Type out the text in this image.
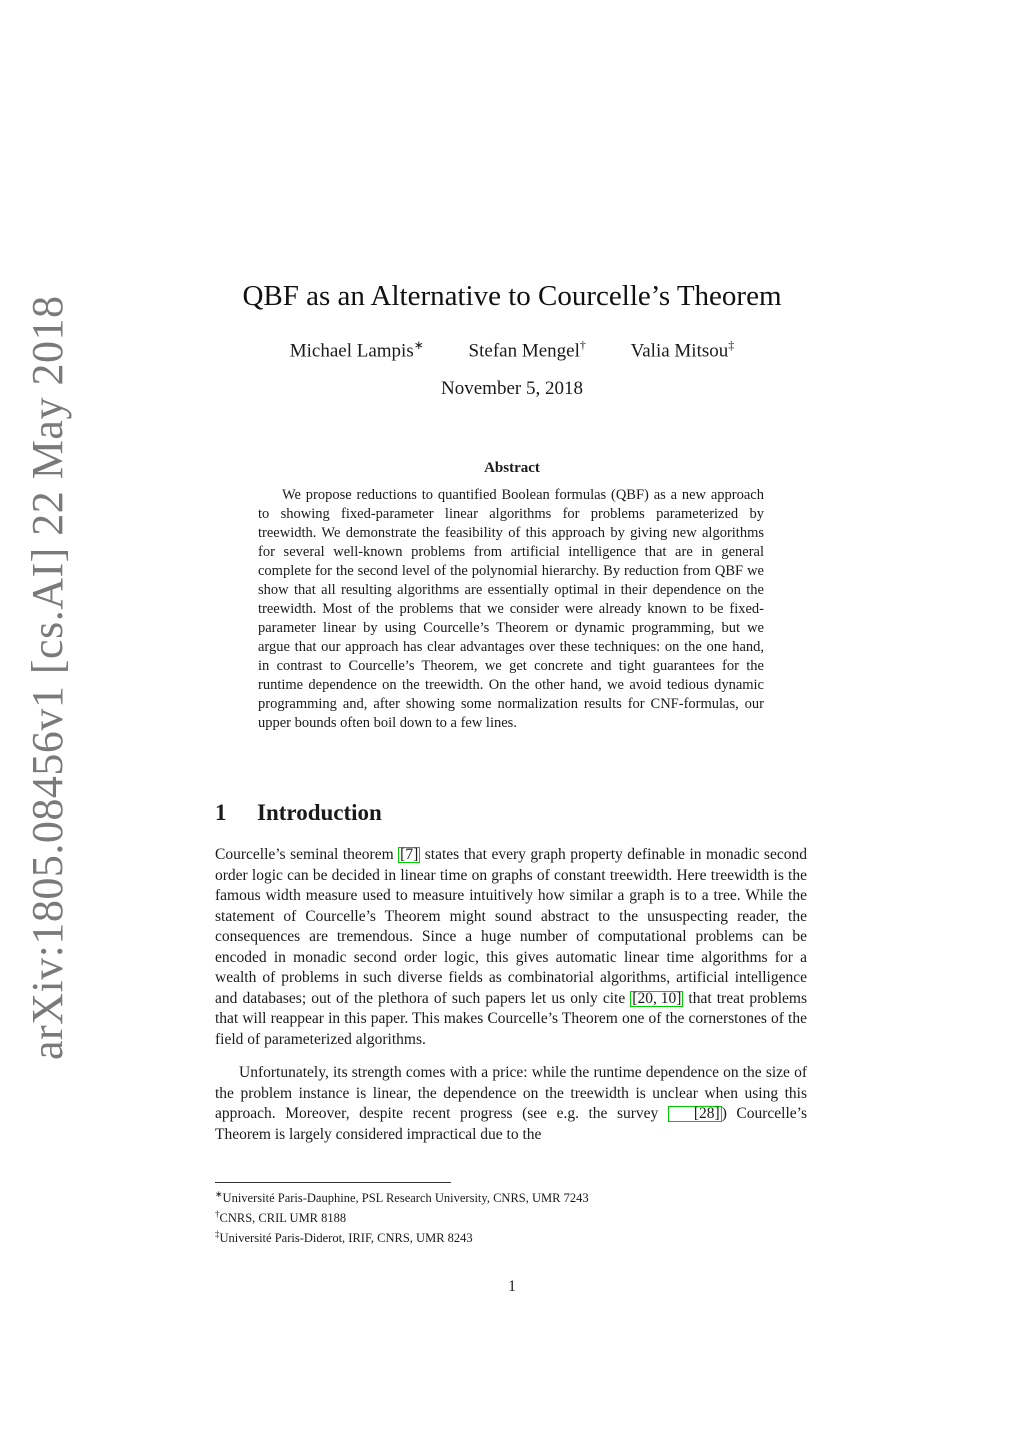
arXiv:1805.08456v1 [cs.AI] 22 May 2018	QBF as an Alternative to Courcelle’s Theorem
Michael Lampis∗ Stefan Mengel† Valia Mitsou‡
November 5, 2018
Abstract

We propose reductions to quantified Boolean formulas (QBF) as a new approach to showing fixed-parameter linear algorithms for problems parameterized by treewidth. We demonstrate the feasibility of this approach by giving new algorithms for several well-known problems from artificial intelligence that are in general complete for the second level of the polynomial hierarchy. By reduction from QBF we show that all resulting algorithms are essentially optimal in their dependence on the treewidth. Most of the problems that we consider were already known to be fixed-parameter linear by using Courcelle’s Theorem or dynamic programming, but we argue that our approach has clear advantages over these techniques: on the one hand, in contrast to Courcelle’s Theorem, we get concrete and tight guarantees for the runtime dependence on the treewidth. On the other hand, we avoid tedious dynamic programming and, after showing some normalization results for CNF-formulas, our upper bounds often boil down to a few lines.

1 Introduction

Courcelle’s seminal theorem [7] states that every graph property definable in monadic second order logic can be decided in linear time on graphs of constant treewidth. Here treewidth is the famous width measure used to measure intuitively how similar a graph is to a tree. While the statement of Courcelle’s Theorem might sound abstract to the unsuspecting reader, the consequences are tremendous. Since a huge number of computational problems can be encoded in monadic second order logic, this gives automatic linear time algorithms for a wealth of problems in such diverse fields as combinatorial algorithms, artificial intelligence and databases; out of the plethora of such papers let us only cite [20, 10] that treat problems that will reappear in this paper. This makes Courcelle’s Theorem one of the cornerstones of the field of parameterized algorithms.

Unfortunately, its strength comes with a price: while the runtime dependence on the size of the problem instance is linear, the dependence on the treewidth is unclear when using this approach. Moreover, despite recent progress (see e.g. the survey [28] ) Courcelle’s Theorem is largely considered impractical due to the

∗Université Paris-Dauphine, PSL Research University, CNRS, UMR 7243
†CNRS, CRIL UMR 8188
‡Université Paris-Diderot, IRIF, CNRS, UMR 8243
1
